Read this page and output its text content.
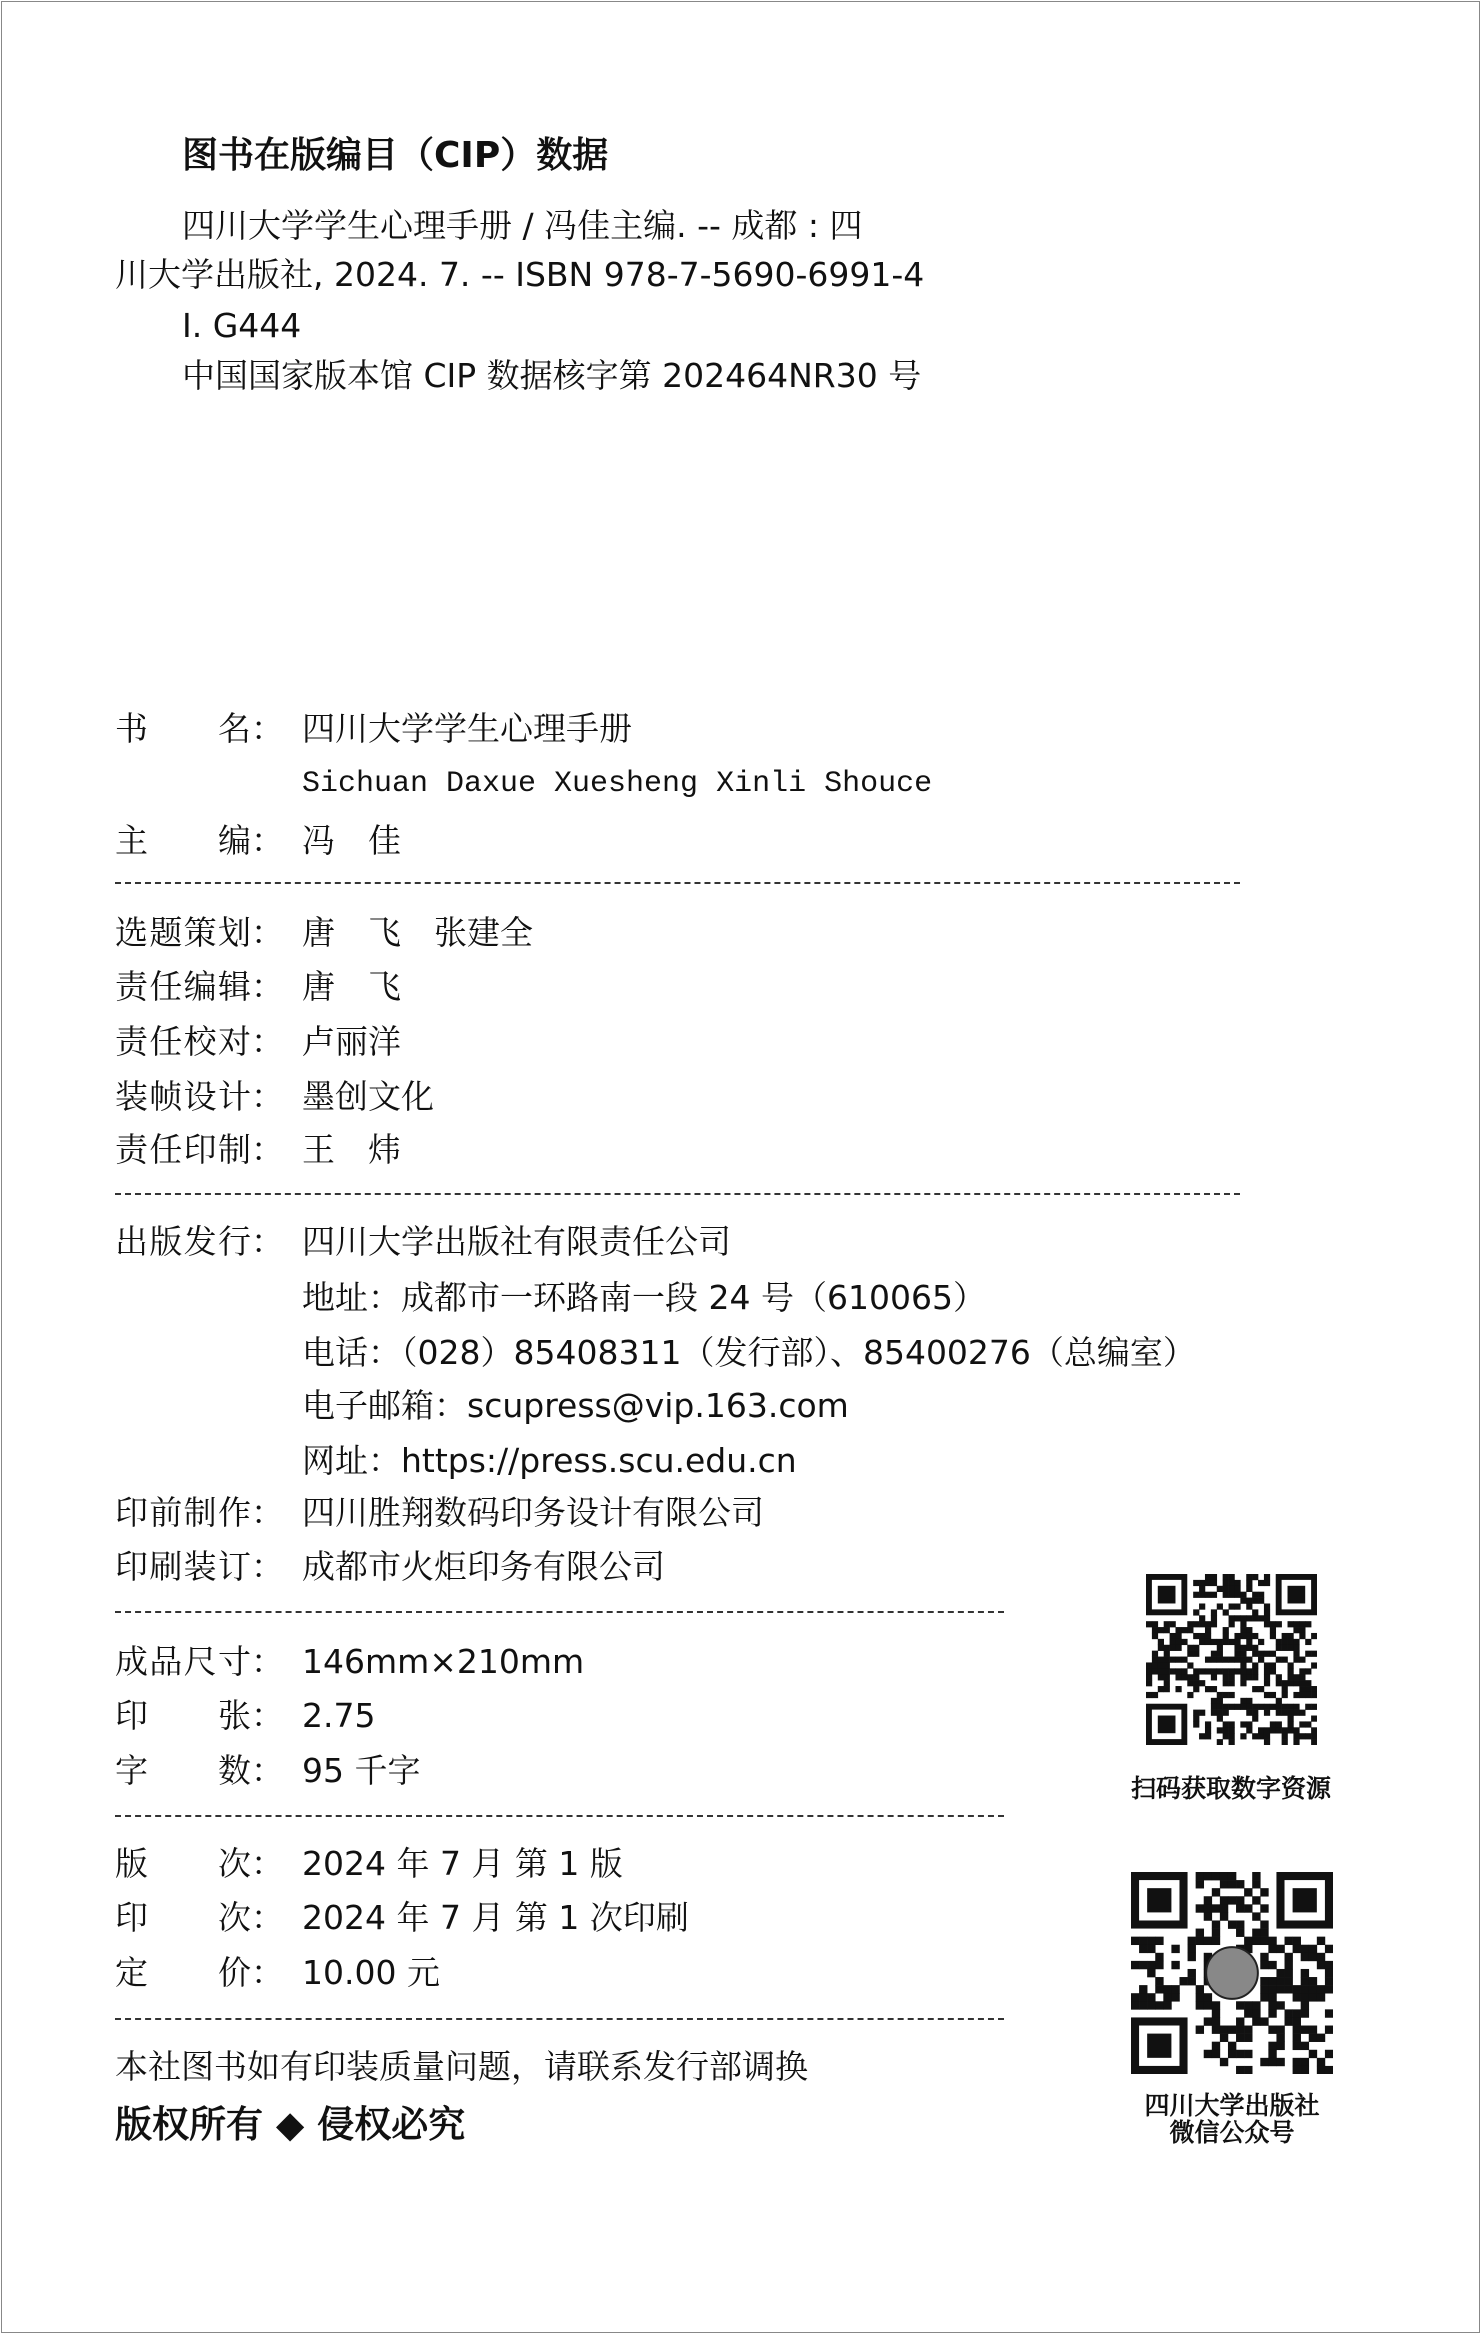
图书在版编目（CIP）数据
四川大学学生心理手册 / 冯佳主编. -- 成都 : 四
川大学出版社, 2024. 7. -- ISBN 978-7-5690-6991-4
Ⅰ. G444
中国国家版本馆 CIP 数据核字第 202464NR30 号
书名 ： 四川大学学生心理手册
Sichuan Daxue Xuesheng Xinli Shouce
主编 ： 冯　佳
选题策划 ： 唐　飞　张建全
责任编辑 ： 唐　飞
责任校对 ： 卢丽洋
装帧设计 ： 墨创文化
责任印制 ： 王　炜
出版发行 ： 四川大学出版社有限责任公司
地址：成都市一环路南一段 24 号（610065）
电话：（028）85408311（发行部）、85400276（总编室）
电子邮箱：scupress@vip.163.com
网址：https://press.scu.edu.cn
印前制作 ： 四川胜翔数码印务设计有限公司
印刷装订 ： 成都市火炬印务有限公司
成品尺寸 ： 146mm×210mm
印张 ： 2.75
字数 ： 95 千字
版次 ： 2024 年 7 月 第 1 版
印次 ： 2024 年 7 月 第 1 次印刷
定价 ： 10.00 元
本社图书如有印装质量问题，请联系发行部调换
版权所有 ◆ 侵权必究
扫码获取数字资源
四川大学出版社
微信公众号
